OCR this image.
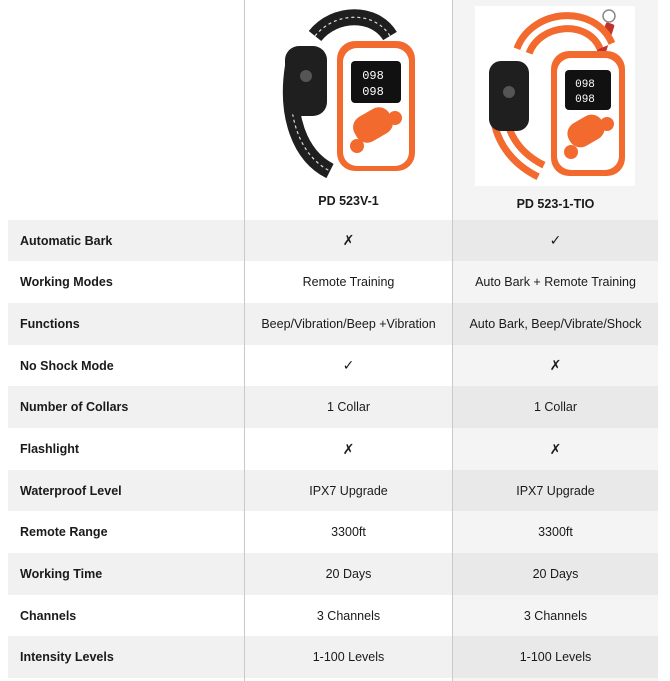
Automatic Bark
Working Modes
Functions
No Shock Mode
Number of Collars
Flashlight
Waterproof Level
Remote Range
Working Time
Channels
Intensity Levels
098
098
PD 523V-1
✗
Remote Training
Beep/Vibration/Beep +Vibration
✓
1 Collar
✗
IPX7 Upgrade
3300ft
20 Days
3 Channels
1-100 Levels
098
098
PD 523-1-TIO
✓
Auto Bark + Remote Training
Auto Bark, Beep/Vibrate/Shock
✗
1 Collar
✗
IPX7 Upgrade
3300ft
20 Days
3 Channels
1-100 Levels
